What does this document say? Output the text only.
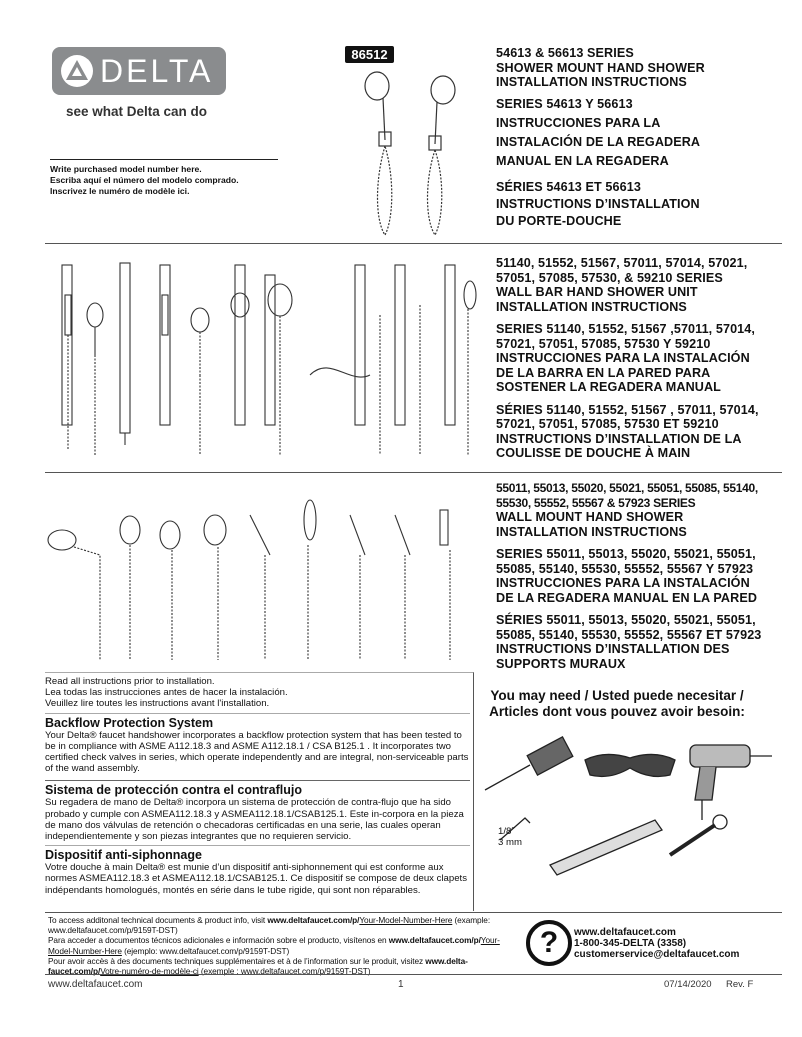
DELTA
see what Delta can do
86512
Write purchased model number here.
Escriba aquí el número del modelo comprado.
Inscrivez le numéro de modèle ici.
54613 & 56613 SERIES
SHOWER MOUNT HAND SHOWER
INSTALLATION INSTRUCTIONS
SERIES 54613 Y 56613
INSTRUCCIONES PARA LA
INSTALACIÓN DE LA REGADERA
MANUAL EN LA REGADERA
SÉRIES 54613 ET 56613
INSTRUCTIONS D’INSTALLATION
DU PORTE-DOUCHE
51140, 51552, 51567, 57011, 57014, 57021,
57051, 57085, 57530, & 59210 SERIES
WALL BAR HAND SHOWER UNIT
INSTALLATION INSTRUCTIONS
SERIES 51140, 51552, 51567 ,57011, 57014,
57021, 57051, 57085, 57530 Y 59210
INSTRUCCIONES PARA LA INSTALACIÓN
DE LA BARRA EN LA PARED PARA
SOSTENER LA REGADERA MANUAL
SÉRIES 51140, 51552, 51567 , 57011, 57014,
57021, 57051, 57085, 57530 ET 59210
INSTRUCTIONS D’INSTALLATION DE LA
COULISSE DE DOUCHE À MAIN
55011, 55013, 55020, 55021, 55051, 55085, 55140,
55530, 55552, 55567 & 57923 SERIES
WALL MOUNT HAND SHOWER
INSTALLATION INSTRUCTIONS
SERIES 55011, 55013, 55020, 55021, 55051,
55085, 55140, 55530, 55552, 55567 Y 57923
INSTRUCCIONES PARA LA INSTALACIÓN
DE LA REGADERA MANUAL EN LA PARED
SÉRIES 55011, 55013, 55020, 55021, 55051,
55085, 55140, 55530, 55552, 55567 ET 57923
INSTRUCTIONS D’INSTALLATION DES
SUPPORTS MURAUX
Read all instructions prior to installation.
Lea todas las instrucciones antes de hacer la instalación.
Veuillez lire toutes les instructions avant l'installation.
Backflow Protection System
Your Delta® faucet handshower incorporates a backflow protection system that has been tested to be in compliance with ASME A112.18.3 and ASME A112.18.1 / CSA B125.1 . It incorporates two certified check valves in series, which operate independently and are integral, non-serviceable parts of the wand assembly.
Sistema de protección contra el contraflujo
Su regadera de mano de Delta® incorpora un sistema de protección de contra-flujo que ha sido probado y cumple con ASMEA112.18.3 y ASMEA112.18.1/CSAB125.1. Este in-corpora en la pieza de mano dos válvulas de retención o checadoras certificadas en una serie, las cuales operan independientemente y son piezas integrantes que no requieren servicio.
Dispositif anti-siphonnage
Votre douche à main Delta® est munie d’un dispositif anti-siphonnement qui est conforme aux normes ASMEA112.18.3 et ASMEA112.18.1/CSAB125.1. Ce dispositif se compose de deux clapets indépendants homologués, montés en série dans le tube rigide, qui sont non réparables.
You may need / Usted puede necesitar /
Articles dont vous pouvez avoir besoin:
1/8˝
3 mm
To access additonal technical documents & product info, visit www.deltafaucet.com/p/Your-Model-Number-Here (example: www.deltafaucet.com/p/9159T-DST)
Para acceder a documentos técnicos adicionales e información sobre el producto, visítenos en www.deltafaucet.com/p/Your-Model-Number-Here (ejemplo: www.deltafaucet.com/p/9159T-DST)
Pour avoir accès à des documents techniques supplémentaires et à de l’information sur le produit, visitez www.delta-faucet.com/p/Votre-numéro-de-modèle-ci (exemple : www.deltafaucet.com/p/9159T-DST)
?	www.deltafaucet.com
1-800-345-DELTA (3358)
customerservice@deltafaucet.com
www.deltafaucet.com	1	07/14/2020 Rev. F
